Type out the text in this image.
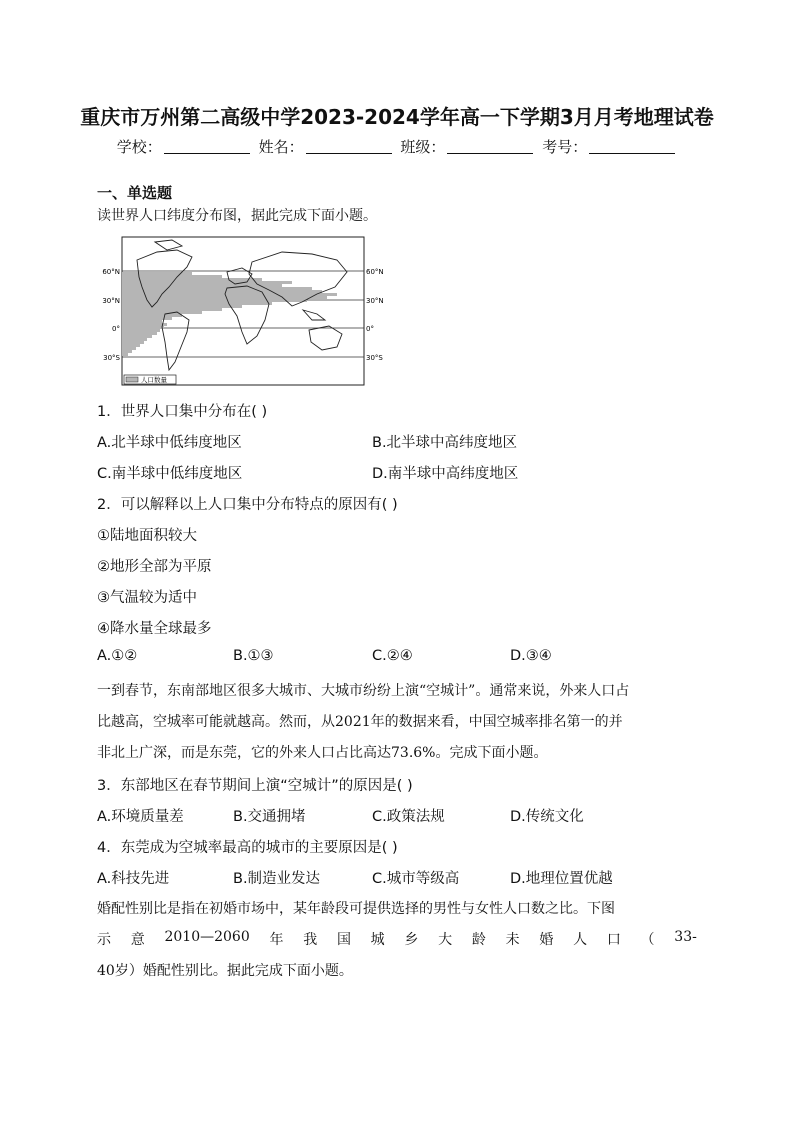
重庆市万州第二高级中学2023-2024学年高一下学期3月月考地理试卷
学校：	姓名：	班级：	考号：
一、单选题
读世界人口纬度分布图，据此完成下面小题。
60°N
30°N
0°
30°S
60°N
30°N
0°
30°S
人口数量
1．世界人口集中分布在( )
A.北半球中低纬度地区	B.北半球中高纬度地区
C.南半球中低纬度地区	D.南半球中高纬度地区
2．可以解释以上人口集中分布特点的原因有( )
①陆地面积较大
②地形全部为平原
③气温较为适中
④降水量全球最多
A.①②	B.①③	C.②④	D.③④
一到春节，东南部地区很多大城市、大城市纷纷上演“空城计”。通常来说，外来人口占
比越高，空城率可能就越高。然而，从2021年的数据来看，中国空城率排名第一的并
非北上广深，而是东莞，它的外来人口占比高达73.6%。完成下面小题。
3．东部地区在春节期间上演“空城计”的原因是( )
A.环境质量差	B.交通拥堵	C.政策法规	D.传统文化
4．东莞成为空城率最高的城市的主要原因是( )
A.科技先进	B.制造业发达	C.城市等级高	D.地理位置优越
婚配性别比是指在初婚市场中，某年龄段可提供选择的男性与女性人口数之比。下图
示 意 2010—2060 年 我 国 城 乡 大 龄 未 婚 人 口 （ 33-
40岁）婚配性别比。据此完成下面小题。
